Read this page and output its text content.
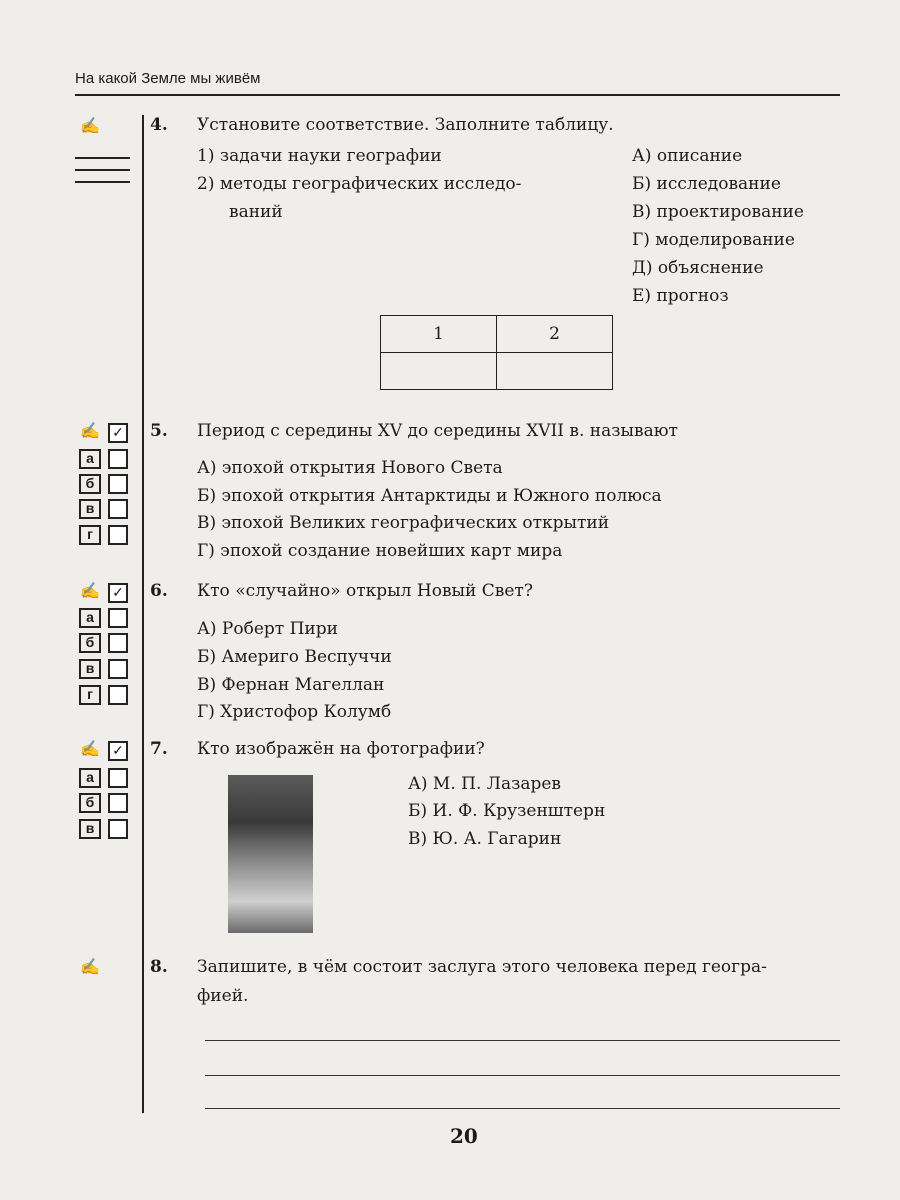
На какой Земле мы живём
✍	4. Установите соответствие. Заполните таблицу.
1) задачи науки географии
2) методы географических исследо-
ваний
А) описание
Б) исследование
В) проектирование
Г) моделирование
Д) объяснение
Е) прогноз
1	2

✍ ✓
а
б
в
г
5. Период с середины XV до середины XVII в. называют
А) эпохой открытия Нового Света
Б) эпохой открытия Антарктиды и Южного полюса
В) эпохой Великих географических открытий
Г) эпохой создание новейших карт мира
✍ ✓
а
б
в
г
6. Кто «случайно» открыл Новый Свет?
А) Роберт Пири
Б) Америго Веспуччи
В) Фернан Магеллан
Г) Христофор Колумб
✍ ✓
а
б
в
7. Кто изображён на фотографии?
А) М. П. Лазарев
Б) И. Ф. Крузенштерн
В) Ю. А. Гагарин
✍	8. Запишите, в чём состоит заслуга этого человека перед геогра-
фией.
20
